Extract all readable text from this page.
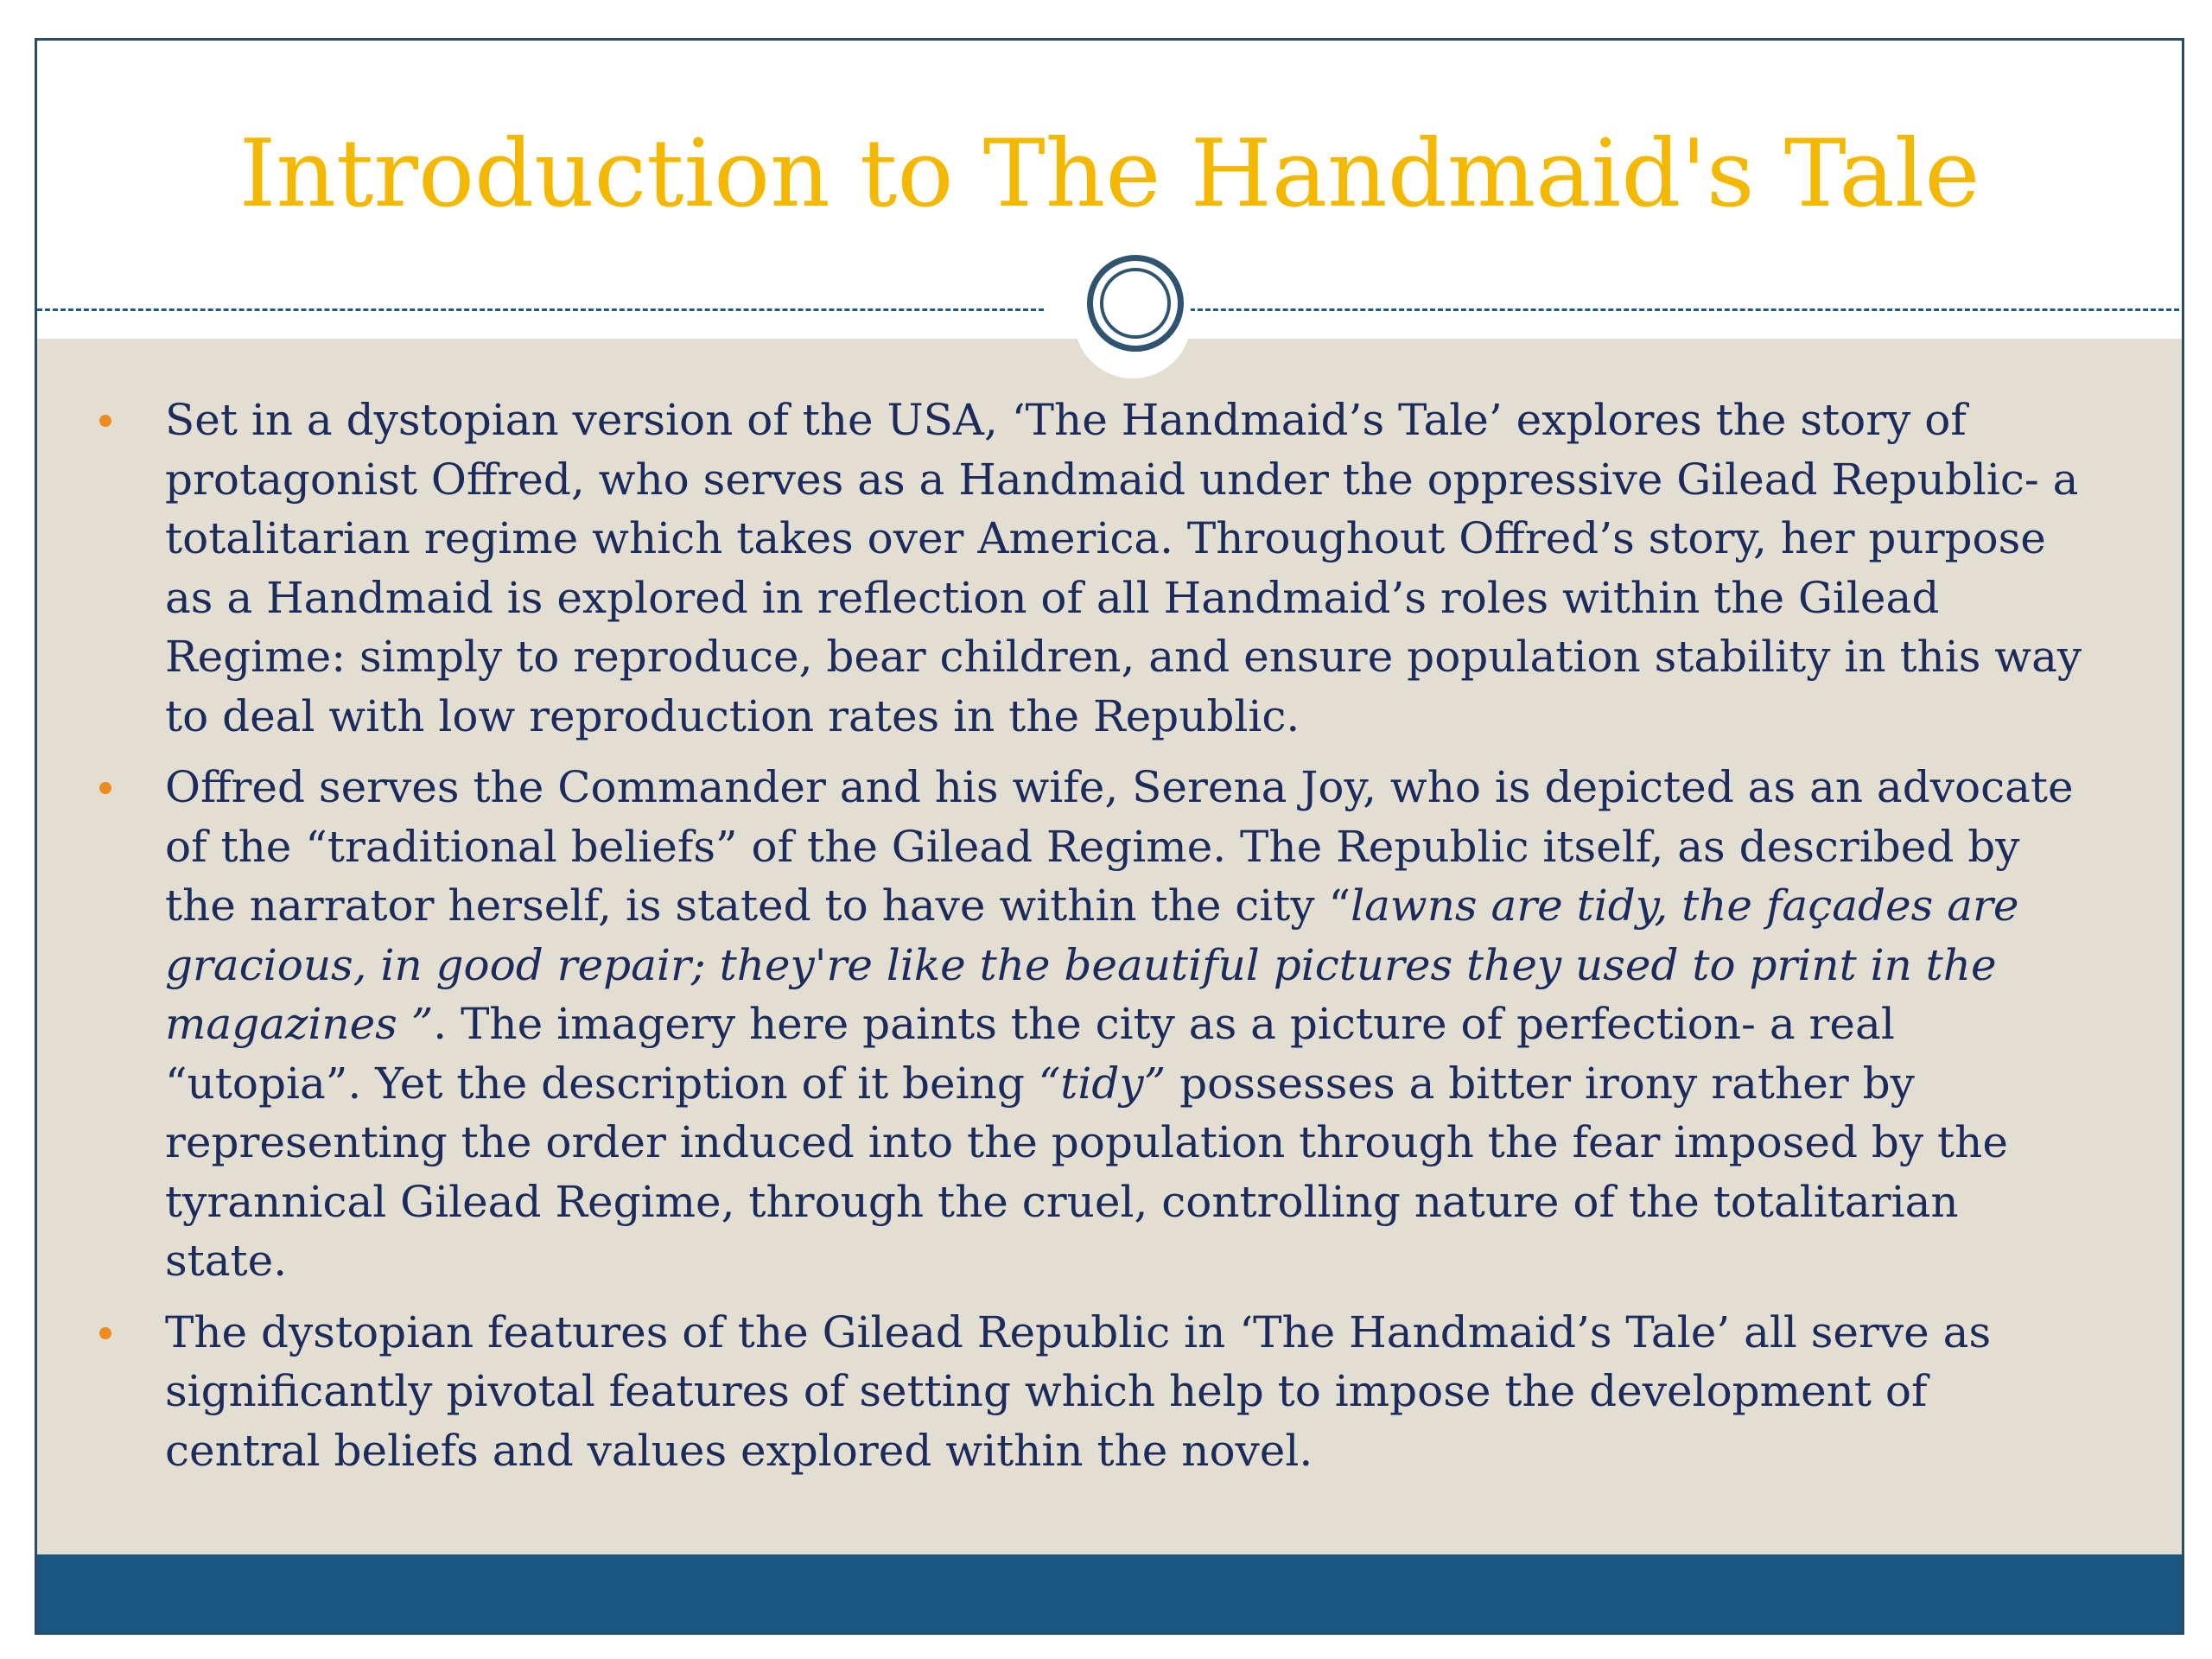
Introduction to The Handmaid's Tale
Set in a dystopian version of the USA, ‘The Handmaid’s Tale’ explores the story of protagonist Offred, who serves as a Handmaid under the oppressive Gilead Republic- a totalitarian regime which takes over America. Throughout Offred’s story, her purpose as a Handmaid is explored in reflection of all Handmaid’s roles within the Gilead Regime: simply to reproduce, bear children, and ensure population stability in this way to deal with low reproduction rates in the Republic.
Offred serves the Commander and his wife, Serena Joy, who is depicted as an advocate of the “traditional beliefs” of the Gilead Regime. The Republic itself, as described by the narrator herself, is stated to have within the city “lawns are tidy, the façades are gracious, in good repair; they're like the beautiful pictures they used to print in the magazines ”. The imagery here paints the city as a picture of perfection- a real “utopia”. Yet the description of it being “tidy” possesses a bitter irony rather by representing the order induced into the population through the fear imposed by the tyrannical Gilead Regime, through the cruel, controlling nature of the totalitarian state.
The dystopian features of the Gilead Republic in ‘The Handmaid’s Tale’ all serve as significantly pivotal features of setting which help to impose the development of central beliefs and values explored within the novel.
